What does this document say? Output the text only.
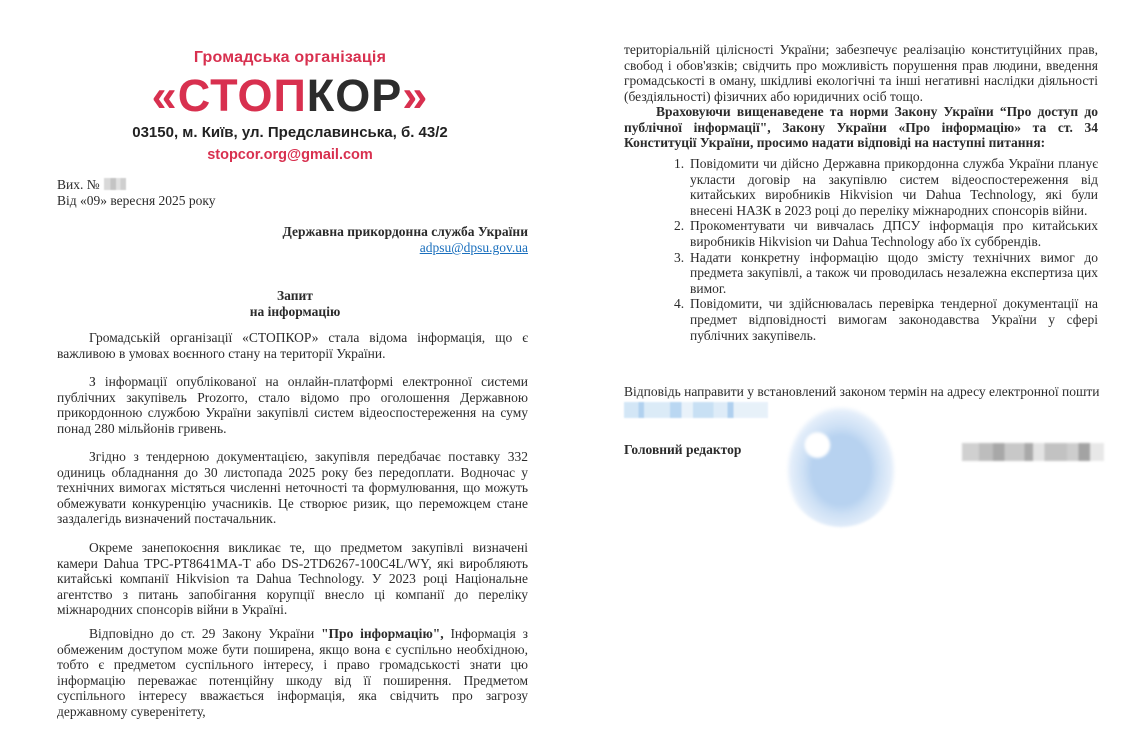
Громадська організація
«СТОПКОР»
03150, м. Київ, ул. Предславинська, б. 43/2
stopcor.org@gmail.com
Вих. №
Від «09» вересня 2025 року
Державна прикордонна служба України
adpsu@dpsu.gov.ua
Запит
на інформацію

Громадській організації «СТОПКОР» стала відома інформація, що є важливою в умовах воєнного стану на території України.

З інформації опублікованої на онлайн-платформі електронної системи публічних закупівель Prozorro, стало відомо про оголошення Державною прикордонною службою України закупівлі систем відеоспостереження на суму понад 280 мільйонів гривень.

Згідно з тендерною документацією, закупівля передбачає поставку 332 одиниць обладнання до 30 листопада 2025 року без передоплати. Водночас у технічних вимогах містяться численні неточності та формулювання, що можуть обмежувати конкуренцію учасників. Це створює ризик, що переможцем стане заздалегідь визначений постачальник.

Окреме занепокоєння викликає те, що предметом закупівлі визначені камери Dahua TPC-PT8641MA-T або DS-2TD6267-100C4L/WY, які виробляють китайські компанії Hikvision та Dahua Technology. У 2023 році Національне агентство з питань запобігання корупції внесло ці компанії до переліку міжнародних спонсорів війни в Україні.

Відповідно до ст. 29 Закону України "Про інформацію", Інформація з обмеженим доступом може бути поширена, якщо вона є суспільно необхідною, тобто є предметом суспільного інтересу, і право громадськості знати цю інформацію переважає потенційну шкоду від її поширення. Предметом суспільного інтересу вважається інформація, яка свідчить про загрозу державному суверенітету,

територіальній цілісності України; забезпечує реалізацію конституційних прав, свобод і обов'язків; свідчить про можливість порушення прав людини, введення громадськості в оману, шкідливі екологічні та інші негативні наслідки діяльності (бездіяльності) фізичних або юридичних осіб тощо.

Враховуючи вищенаведене та норми Закону України “Про доступ до публічної інформації", Закону України «Про інформацію» та ст. 34 Конституції України, просимо надати відповіді на наступні питання:

1. Повідомити чи дійсно Державна прикордонна служба України планує укласти договір на закупівлю систем відеоспостереження від китайських виробників Hikvision чи Dahua Technology, які були внесені НАЗК в 2023 році до переліку міжнародних спонсорів війни.
2. Прокоментувати чи вивчалась ДПСУ інформація про китайських виробників Hikvision чи Dahua Technology або їх суббрендів.
3. Надати конкретну інформацію щодо змісту технічних вимог до предмета закупівлі, а також чи проводилась незалежна експертиза цих вимог.
4. Повідомити, чи здійснювалась перевірка тендерної документації на предмет відповідності вимогам законодавства України у сфері публічних закупівель.
Відповідь направити у встановлений законом термін на адресу електронної пошти
Головний редактор
